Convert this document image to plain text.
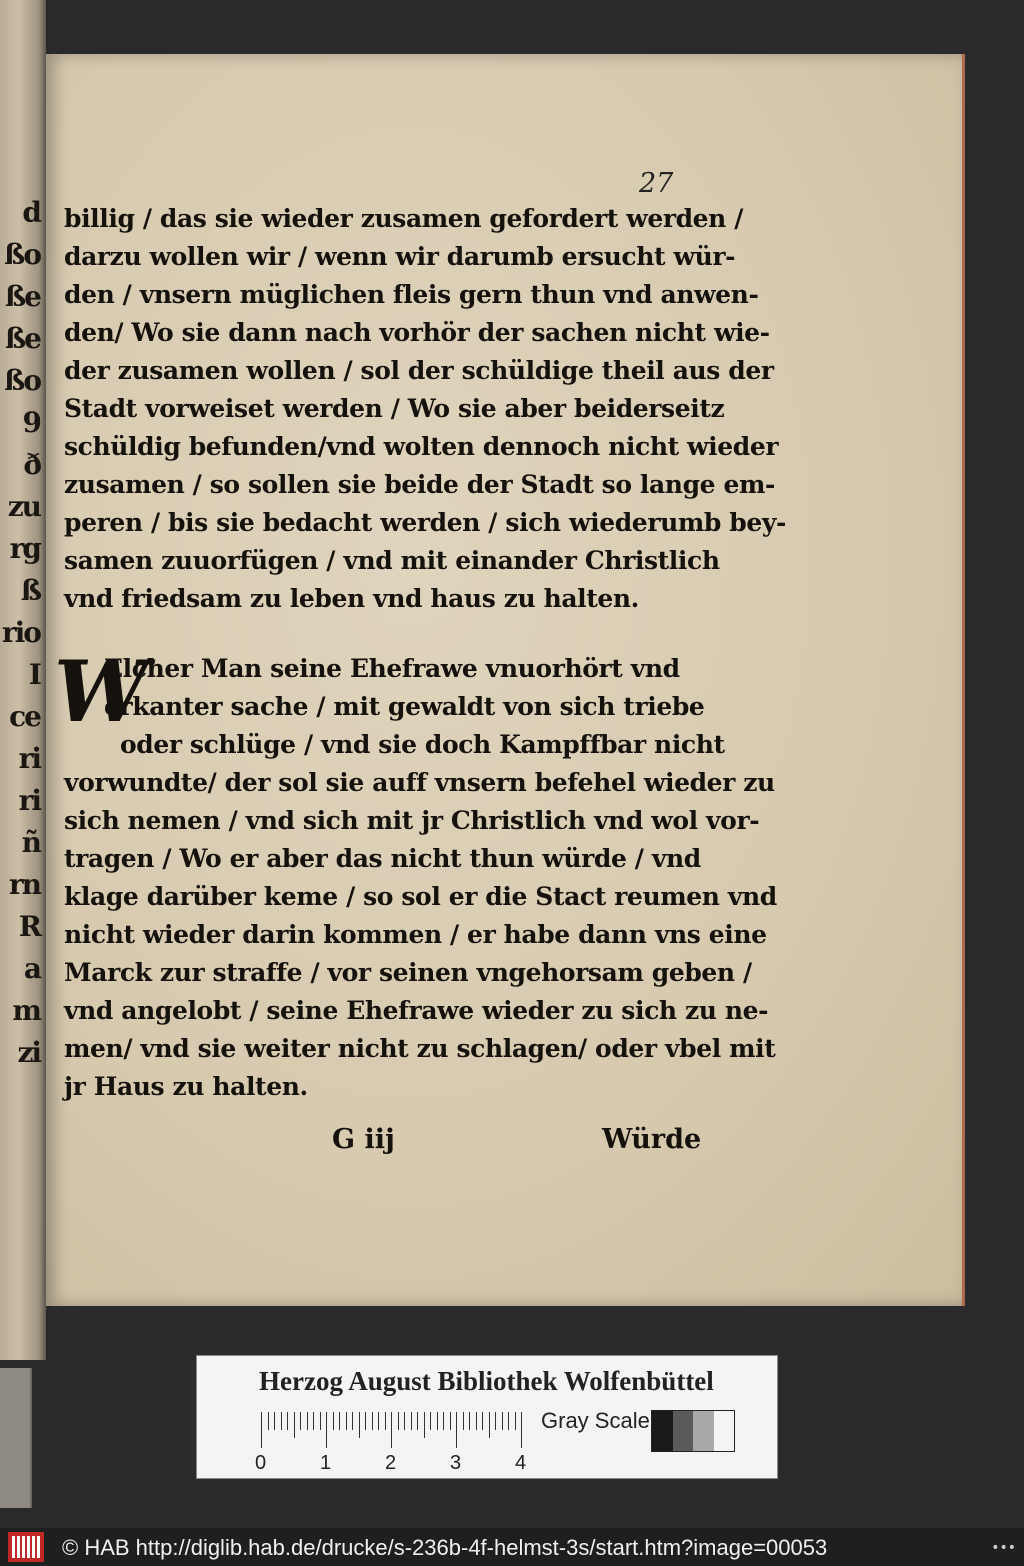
d
ßo
ße
ße
ßo
9
ð
zu
rg
ß
rio
I
ce
ri
ri
ñ
rn
R
a
m
zi
27
billig / das sie wieder zusamen gefordert werden /
darzu wollen wir / wenn wir darumb ersucht wür-
den / vnsern müglichen fleis gern thun vnd anwen-
den/ Wo sie dann nach vorhör der sachen nicht wie-
der zusamen wollen / sol der schüldige theil aus der
Stadt vorweiset werden / Wo sie aber beiderseitz
schüldig befunden/vnd wolten dennoch nicht wieder
zusamen / so sollen sie beide der Stadt so lange em-
peren / bis sie bedacht werden / sich wiederumb bey-
samen zuuorfügen / vnd mit einander Christlich
vnd friedsam zu leben vnd haus zu halten.
W
Elcher Man seine Ehefrawe vnuorhört vnd
erkanter sache / mit gewaldt von sich triebe
oder schlüge / vnd sie doch Kampffbar nicht
vorwundte/ der sol sie auff vnsern befehel wieder zu
sich nemen / vnd sich mit jr Christlich vnd wol vor-
tragen / Wo er aber das nicht thun würde / vnd
klage darüber keme / so sol er die Stact reumen vnd
nicht wieder darin kommen / er habe dann vns eine
Marck zur straffe / vor seinen vngehorsam geben /
vnd angelobt / seine Ehefrawe wieder zu sich zu ne-
men/ vnd sie weiter nicht zu schlagen/ oder vbel mit
jr Haus zu halten.
G iij	Würde
Herzog August Bibliothek Wolfenbüttel
0	1	2	3	4
Gray Scale
© HAB http://diglib.hab.de/drucke/s-236b-4f-helmst-3s/start.htm?image=00053	•••
